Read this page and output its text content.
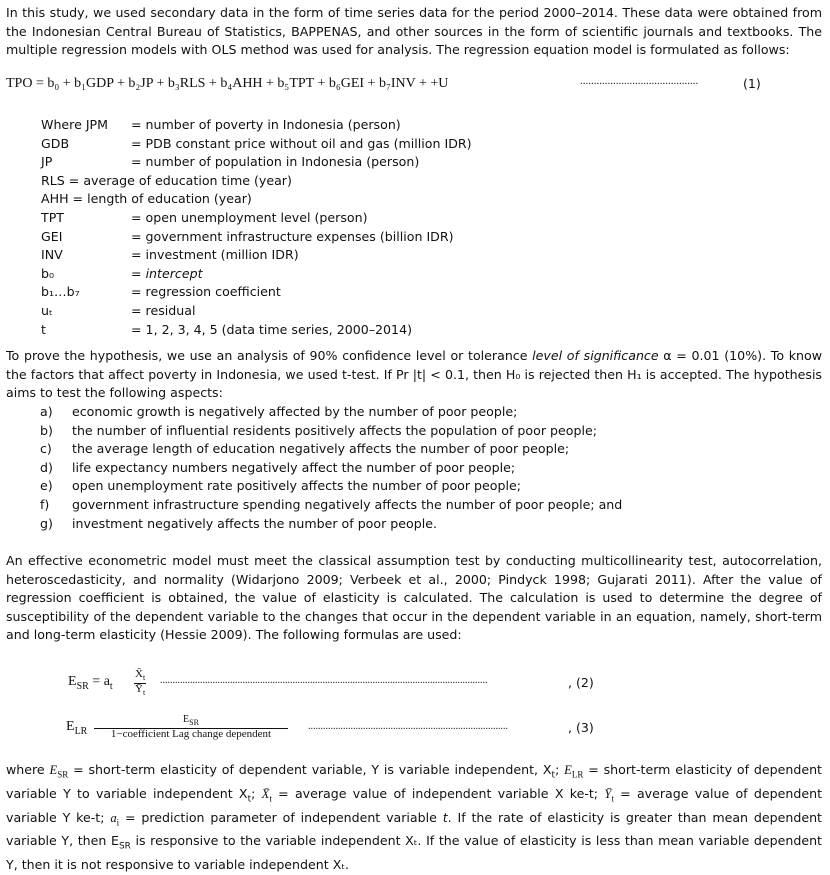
In this study, we used secondary data in the form of time series data for the period 2000–2014. These data were obtained from the Indonesian Central Bureau of Statistics, BAPPENAS, and other sources in the form of scientific journals and textbooks. The multiple regression models with OLS method was used for analysis. The regression equation model is formulated as follows:

TPO = b₀ + b₁GDP + b₂JP + b₃RLS + b₄AHH + b₅TPT + b₆GEI + b₇INV + +U	...........................................	(1)
Where JPM = number of poverty in Indonesia (person)
GDB	= PDB constant price without oil and gas (million IDR)
JP	= number of population in Indonesia (person)
RLS = average of education time (year)
AHH = length of education (year)
TPT	= open unemployment level (person)
GEI	= government infrastructure expenses (billion IDR)
INV	= investment (million IDR)
b₀	= intercept
b₁…b₇	= regression coefficient
uₜ	= residual
t	= 1, 2, 3, 4, 5 (data time series, 2000–2014)

To prove the hypothesis, we use an analysis of 90% confidence level or tolerance level of significance α = 0.01 (10%). To know the factors that affect poverty in Indonesia, we used t-test. If Pr |t| < 0.1, then H₀ is rejected then H₁ is accepted. The hypothesis aims to test the following aspects:

a) economic growth is negatively affected by the number of poor people;
b) the number of influential residents positively affects the population of poor people;
c) the average length of education negatively affects the number of poor people;
d) life expectancy numbers negatively affect the number of poor people;
e) open unemployment rate positively affects the number of poor people;
f) government infrastructure spending negatively affects the number of poor people; and
g) investment negatively affects the number of poor people.

An effective econometric model must meet the classical assumption test by conducting multicollinearity test, autocorrelation, heteroscedasticity, and normality (Widarjono 2009; Verbeek et al., 2000; Pindyck 1998; Gujarati 2011). After the value of regression coefficient is obtained, the value of elasticity is calculated. The calculation is used to determine the degree of susceptibility of the dependent variable to the changes that occur in the dependent variable in an equation, namely, short-term and long-term elasticity (Hessie 2009). The following formulas are used:

$E_{SR} = a_t \frac{X̄_t}{Ȳ_t}$ ...................................................................................................................................	, (2)
$E_{LR}$
$E_{SR}$
1−coefficient Lag change dependent
................................................................................	, (3)

where $E_{SR}$ = short-term elasticity of dependent variable, Y is variable independent, $X_t$; $E_{LR}$ = short-term elasticity of dependent variable Y to variable independent $X_t$; $X̄_t$ = average value of independent variable X ke-t; $Ȳ_t$ = average value of dependent variable Y ke-t; $a_i$ = prediction parameter of independent variable t. If the rate of elasticity is greater than mean dependent variable Y, then $E_{SR}$ is responsive to the variable independent Xₜ. If the value of elasticity is less than mean variable dependent Y, then it is not responsive to variable independent Xₜ.
